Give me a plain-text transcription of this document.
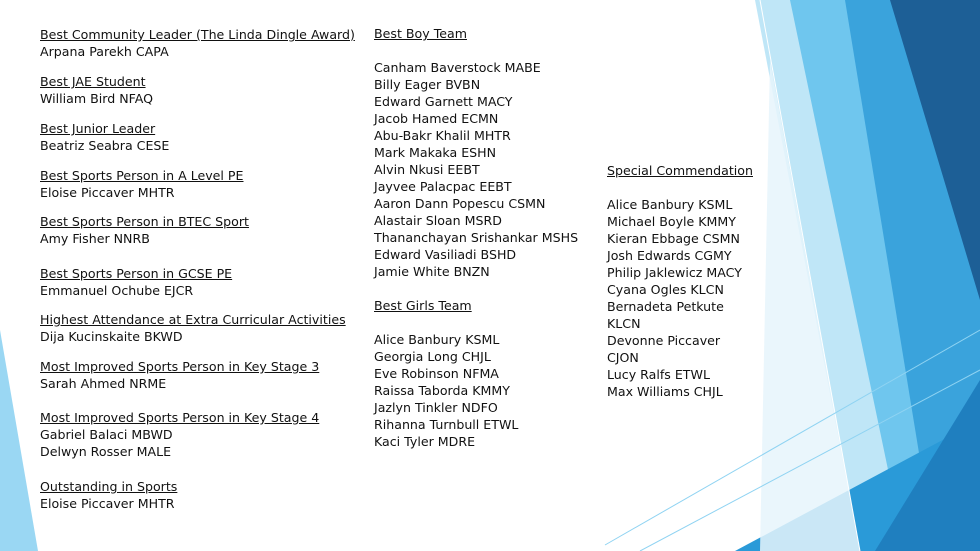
Best Community Leader (The Linda Dingle Award)
Arpana Parekh CAPA
Best JAE Student
William Bird NFAQ
Best Junior Leader
Beatriz Seabra CESE
Best Sports Person in A Level PE
Eloise Piccaver MHTR
Best Sports Person in BTEC Sport
Amy Fisher NNRB
Best Sports Person in GCSE PE
Emmanuel Ochube EJCR
Highest Attendance at Extra Curricular Activities
Dija Kucinskaite BKWD
Most Improved Sports Person in Key Stage 3
Sarah Ahmed NRME
Most Improved Sports Person in Key Stage 4
Gabriel Balaci MBWD
Delwyn Rosser MALE
Outstanding in Sports
Eloise Piccaver MHTR
Best Boy Team
Canham Baverstock MABE
Billy Eager BVBN
Edward Garnett MACY
Jacob Hamed ECMN
Abu-Bakr Khalil MHTR
Mark Makaka ESHN
Alvin Nkusi EEBT
Jayvee Palacpac EEBT
Aaron Dann Popescu CSMN
Alastair Sloan MSRD
Thananchayan Srishankar MSHS
Edward Vasiliadi BSHD
Jamie White BNZN
Best Girls Team
Alice Banbury KSML
Georgia Long CHJL
Eve Robinson NFMA
Raissa Taborda KMMY
Jazlyn Tinkler NDFO
Rihanna Turnbull ETWL
Kaci Tyler MDRE
Special Commendation
Alice Banbury KSML
Michael Boyle KMMY
Kieran Ebbage CSMN
Josh Edwards CGMY
Philip Jaklewicz MACY
Cyana Ogles KLCN
Bernadeta Petkute
KLCN
Devonne Piccaver
CJON
Lucy Ralfs ETWL
Max Williams CHJL
